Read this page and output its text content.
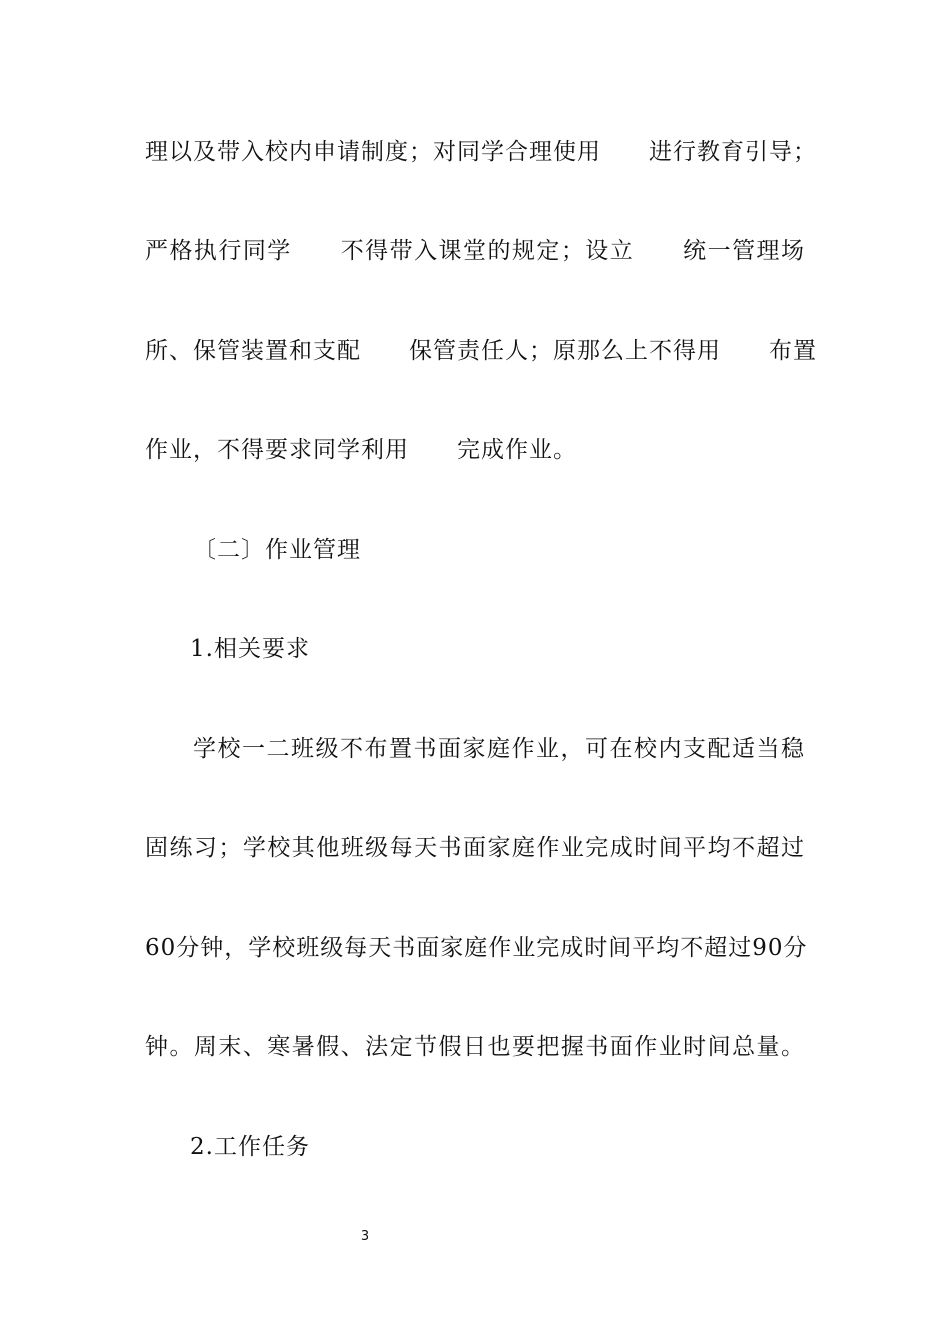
理以及带入校内申请制度；对同学合理使用　　进行教育引导；
严格执行同学　　不得带入课堂的规定；设立　　统一管理场
所、保管装置和支配　　保管责任人；原那么上不得用　　布置
作业，不得要求同学利用　　完成作业。
〔二〕作业管理
1.相关要求
学校一二班级不布置书面家庭作业，可在校内支配适当稳
固练习；学校其他班级每天书面家庭作业完成时间平均不超过
60分钟，学校班级每天书面家庭作业完成时间平均不超过90分
钟。周末、寒暑假、法定节假日也要把握书面作业时间总量。
2.工作任务
3
